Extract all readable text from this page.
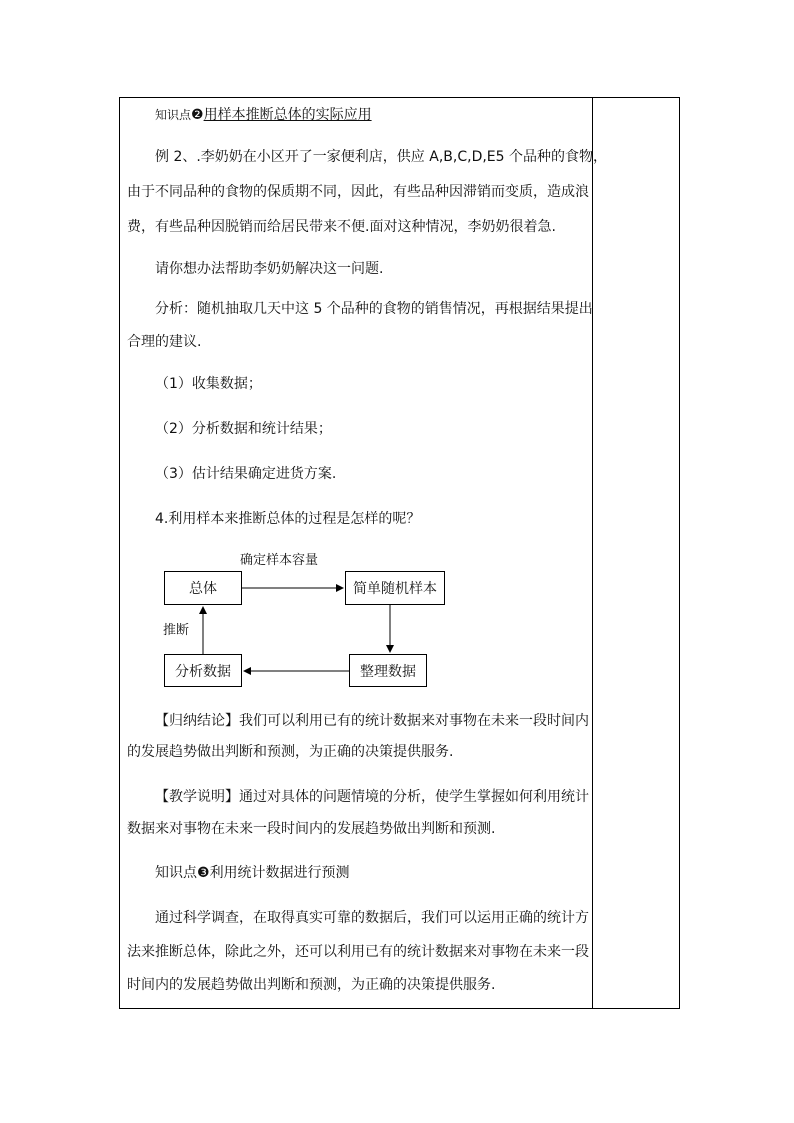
知识点❷用样本推断总体的实际应用
例 2、.李奶奶在小区开了一家便利店，供应 A,B,C,D,E5 个品种的食物，
由于不同品种的食物的保质期不同，因此，有些品种因滞销而变质，造成浪
费，有些品种因脱销而给居民带来不便.面对这种情况，李奶奶很着急.
请你想办法帮助李奶奶解决这一问题.
分析：随机抽取几天中这 5 个品种的食物的销售情况，再根据结果提出
合理的建议.
（1）收集数据；
（2）分析数据和统计结果；
（3）估计结果确定进货方案.
4.利用样本来推断总体的过程是怎样的呢？
确定样本容量
总体	简单随机样本
推断
分析数据	整理数据
【归纳结论】我们可以利用已有的统计数据来对事物在未来一段时间内
的发展趋势做出判断和预测，为正确的决策提供服务.
【教学说明】通过对具体的问题情境的分析，使学生掌握如何利用统计
数据来对事物在未来一段时间内的发展趋势做出判断和预测.
知识点❸利用统计数据进行预测
通过科学调查，在取得真实可靠的数据后，我们可以运用正确的统计方
法来推断总体，除此之外，还可以利用已有的统计数据来对事物在未来一段
时间内的发展趋势做出判断和预测，为正确的决策提供服务.
